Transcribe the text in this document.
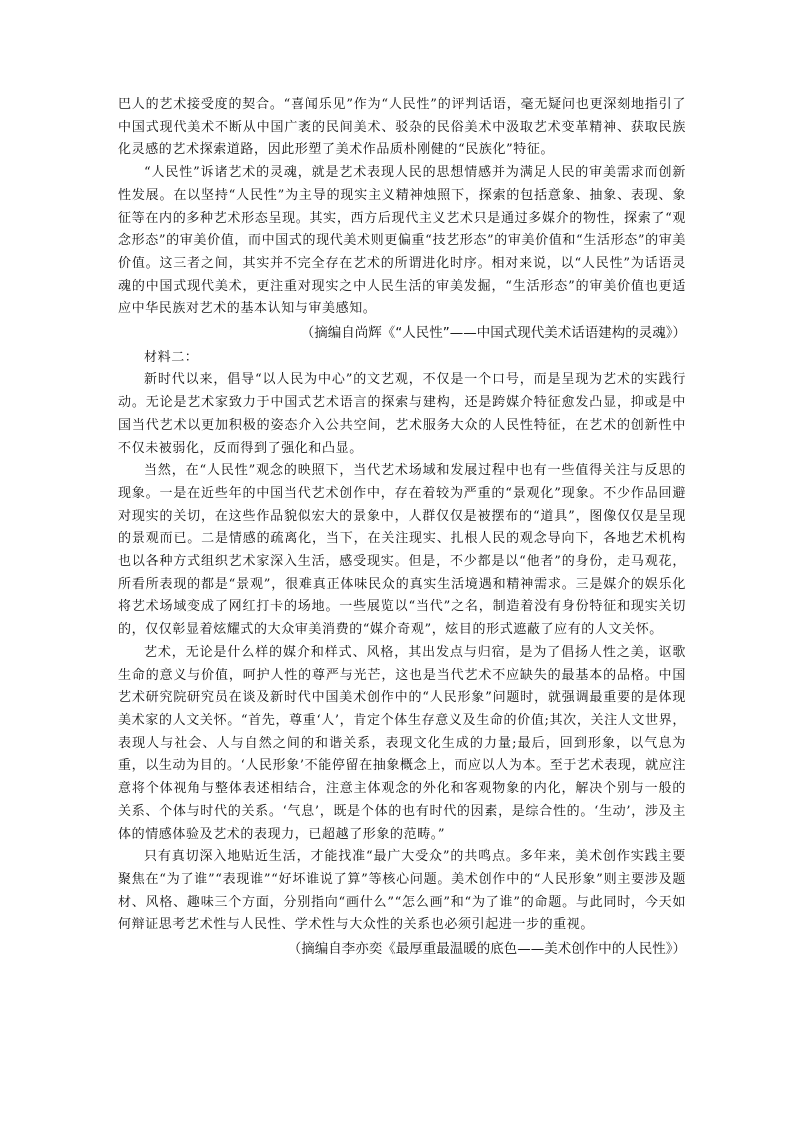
巴人的艺术接受度的契合。“喜闻乐见”作为“人民性”的评判话语，毫无疑问也更深刻地指引了中国式现代美术不断从中国广袤的民间美术、驳杂的民俗美术中汲取艺术变革精神、获取民族化灵感的艺术探索道路，因此形塑了美术作品质朴刚健的“民族化”特征。

“人民性”诉诸艺术的灵魂，就是艺术表现人民的思想情感并为满足人民的审美需求而创新性发展。在以坚持“人民性”为主导的现实主义精神烛照下，探索的包括意象、抽象、表现、象征等在内的多种艺术形态呈现。其实，西方后现代主义艺术只是通过多媒介的物性，探索了“观念形态”的审美价值，而中国式的现代美术则更偏重“技艺形态”的审美价值和“生活形态”的审美价值。这三者之间，其实并不完全存在艺术的所谓进化时序。相对来说，以“人民性”为话语灵魂的中国式现代美术，更注重对现实之中人民生活的审美发掘，“生活形态”的审美价值也更适应中华民族对艺术的基本认知与审美感知。

（摘编自尚辉《“人民性”——中国式现代美术话语建构的灵魂》）

材料二：

新时代以来，倡导“以人民为中心”的文艺观，不仅是一个口号，而是呈现为艺术的实践行动。无论是艺术家致力于中国式艺术语言的探索与建构，还是跨媒介特征愈发凸显，抑或是中国当代艺术以更加积极的姿态介入公共空间，艺术服务大众的人民性特征，在艺术的创新性中不仅未被弱化，反而得到了强化和凸显。

当然，在“人民性”观念的映照下，当代艺术场域和发展过程中也有一些值得关注与反思的现象。一是在近些年的中国当代艺术创作中，存在着较为严重的“景观化”现象。不少作品回避对现实的关切，在这些作品貌似宏大的景象中，人群仅仅是被摆布的“道具”，图像仅仅是呈现的景观而已。二是情感的疏离化，当下，在关注现实、扎根人民的观念导向下，各地艺术机构也以各种方式组织艺术家深入生活，感受现实。但是，不少都是以“他者”的身份，走马观花，所看所表现的都是“景观”，很难真正体味民众的真实生活境遇和精神需求。三是媒介的娱乐化将艺术场域变成了网红打卡的场地。一些展览以“当代”之名，制造着没有身份特征和现实关切的，仅仅彰显着炫耀式的大众审美消费的“媒介奇观”，炫目的形式遮蔽了应有的人文关怀。

艺术，无论是什么样的媒介和样式、风格，其出发点与归宿，是为了倡扬人性之美，讴歌生命的意义与价值，呵护人性的尊严与光芒，这也是当代艺术不应缺失的最基本的品格。中国艺术研究院研究员在谈及新时代中国美术创作中的“人民形象”问题时，就强调最重要的是体现美术家的人文关怀。“首先，尊重‘人’，肯定个体生存意义及生命的价值;其次，关注人文世界，表现人与社会、人与自然之间的和谐关系，表现文化生成的力量;最后，回到形象，以气息为重，以生动为目的。‘人民形象’不能停留在抽象概念上，而应以人为本。至于艺术表现，就应注意将个体视角与整体表述相结合，注意主体观念的外化和客观物象的内化，解决个别与一般的关系、个体与时代的关系。‘气息’，既是个体的也有时代的因素，是综合性的。‘生动’，涉及主体的情感体验及艺术的表现力，已超越了形象的范畴。”

只有真切深入地贴近生活，才能找准“最广大受众”的共鸣点。多年来，美术创作实践主要聚焦在“为了谁”“表现谁”“好坏谁说了算”等核心问题。美术创作中的“人民形象”则主要涉及题材、风格、趣味三个方面，分别指向“画什么”“怎么画”和“为了谁”的命题。与此同时，今天如何辩证思考艺术性与人民性、学术性与大众性的关系也必须引起进一步的重视。

（摘编自李亦奕《最厚重最温暖的底色——美术创作中的人民性》）
